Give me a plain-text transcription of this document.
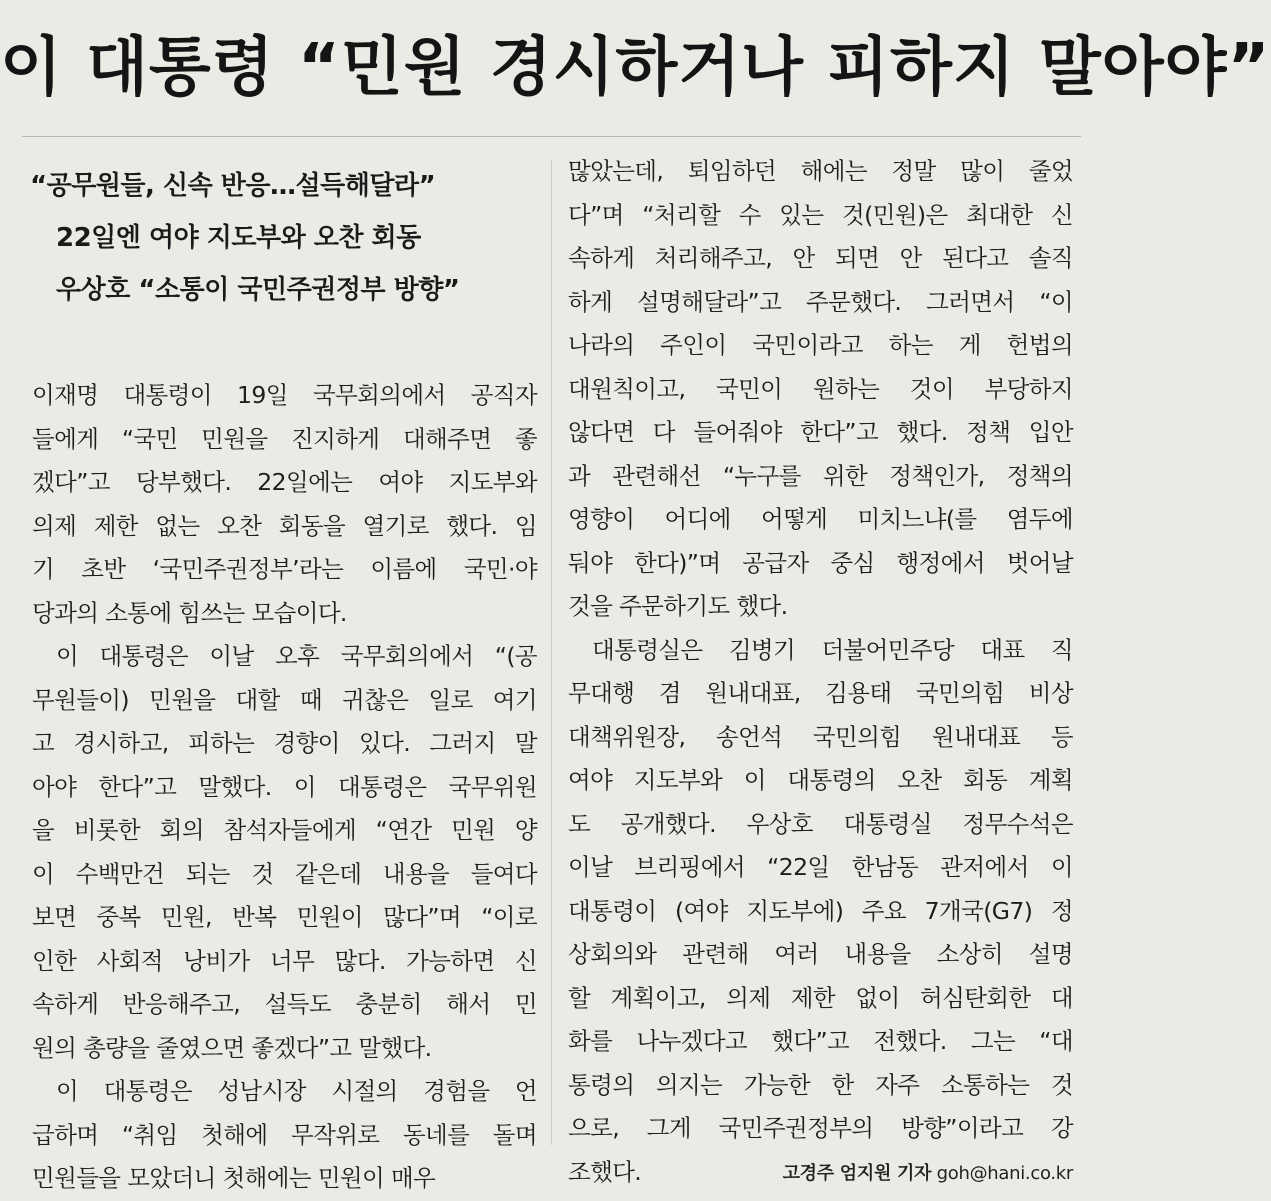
이 대통령 “민원 경시하거나 피하지 말아야”
“공무원들, 신속 반응…설득해달라”
22일엔 여야 지도부와 오찬 회동
우상호 “소통이 국민주권정부 방향”
이재명 대통령이 19일 국무회의에서 공직자
들에게 “국민 민원을 진지하게 대해주면 좋
겠다”고 당부했다. 22일에는 여야 지도부와
의제 제한 없는 오찬 회동을 열기로 했다. 임
기 초반 ‘국민주권정부’라는 이름에 국민·야
당과의 소통에 힘쓰는 모습이다.
이 대통령은 이날 오후 국무회의에서 “(공
무원들이) 민원을 대할 때 귀찮은 일로 여기
고 경시하고, 피하는 경향이 있다. 그러지 말
아야 한다”고 말했다. 이 대통령은 국무위원
을 비롯한 회의 참석자들에게 “연간 민원 양
이 수백만건 되는 것 같은데 내용을 들여다
보면 중복 민원, 반복 민원이 많다”며 “이로
인한 사회적 낭비가 너무 많다. 가능하면 신
속하게 반응해주고, 설득도 충분히 해서 민
원의 총량을 줄였으면 좋겠다”고 말했다.
이 대통령은 성남시장 시절의 경험을 언
급하며 “취임 첫해에 무작위로 동네를 돌며
민원들을 모았더니 첫해에는 민원이 매우
많았는데, 퇴임하던 해에는 정말 많이 줄었
다”며 “처리할 수 있는 것(민원)은 최대한 신
속하게 처리해주고, 안 되면 안 된다고 솔직
하게 설명해달라”고 주문했다. 그러면서 “이
나라의 주인이 국민이라고 하는 게 헌법의
대원칙이고, 국민이 원하는 것이 부당하지
않다면 다 들어줘야 한다”고 했다. 정책 입안
과 관련해선 “누구를 위한 정책인가, 정책의
영향이 어디에 어떻게 미치느냐(를 염두에
둬야 한다)”며 공급자 중심 행정에서 벗어날
것을 주문하기도 했다.
대통령실은 김병기 더불어민주당 대표 직
무대행 겸 원내대표, 김용태 국민의힘 비상
대책위원장, 송언석 국민의힘 원내대표 등
여야 지도부와 이 대통령의 오찬 회동 계획
도 공개했다. 우상호 대통령실 정무수석은
이날 브리핑에서 “22일 한남동 관저에서 이
대통령이 (여야 지도부에) 주요 7개국(G7) 정
상회의와 관련해 여러 내용을 소상히 설명
할 계획이고, 의제 제한 없이 허심탄회한 대
화를 나누겠다고 했다”고 전했다. 그는 “대
통령의 의지는 가능한 한 자주 소통하는 것
으로, 그게 국민주권정부의 방향”이라고 강
조했다.	고경주 엄지원 기자 goh@hani.co.kr
